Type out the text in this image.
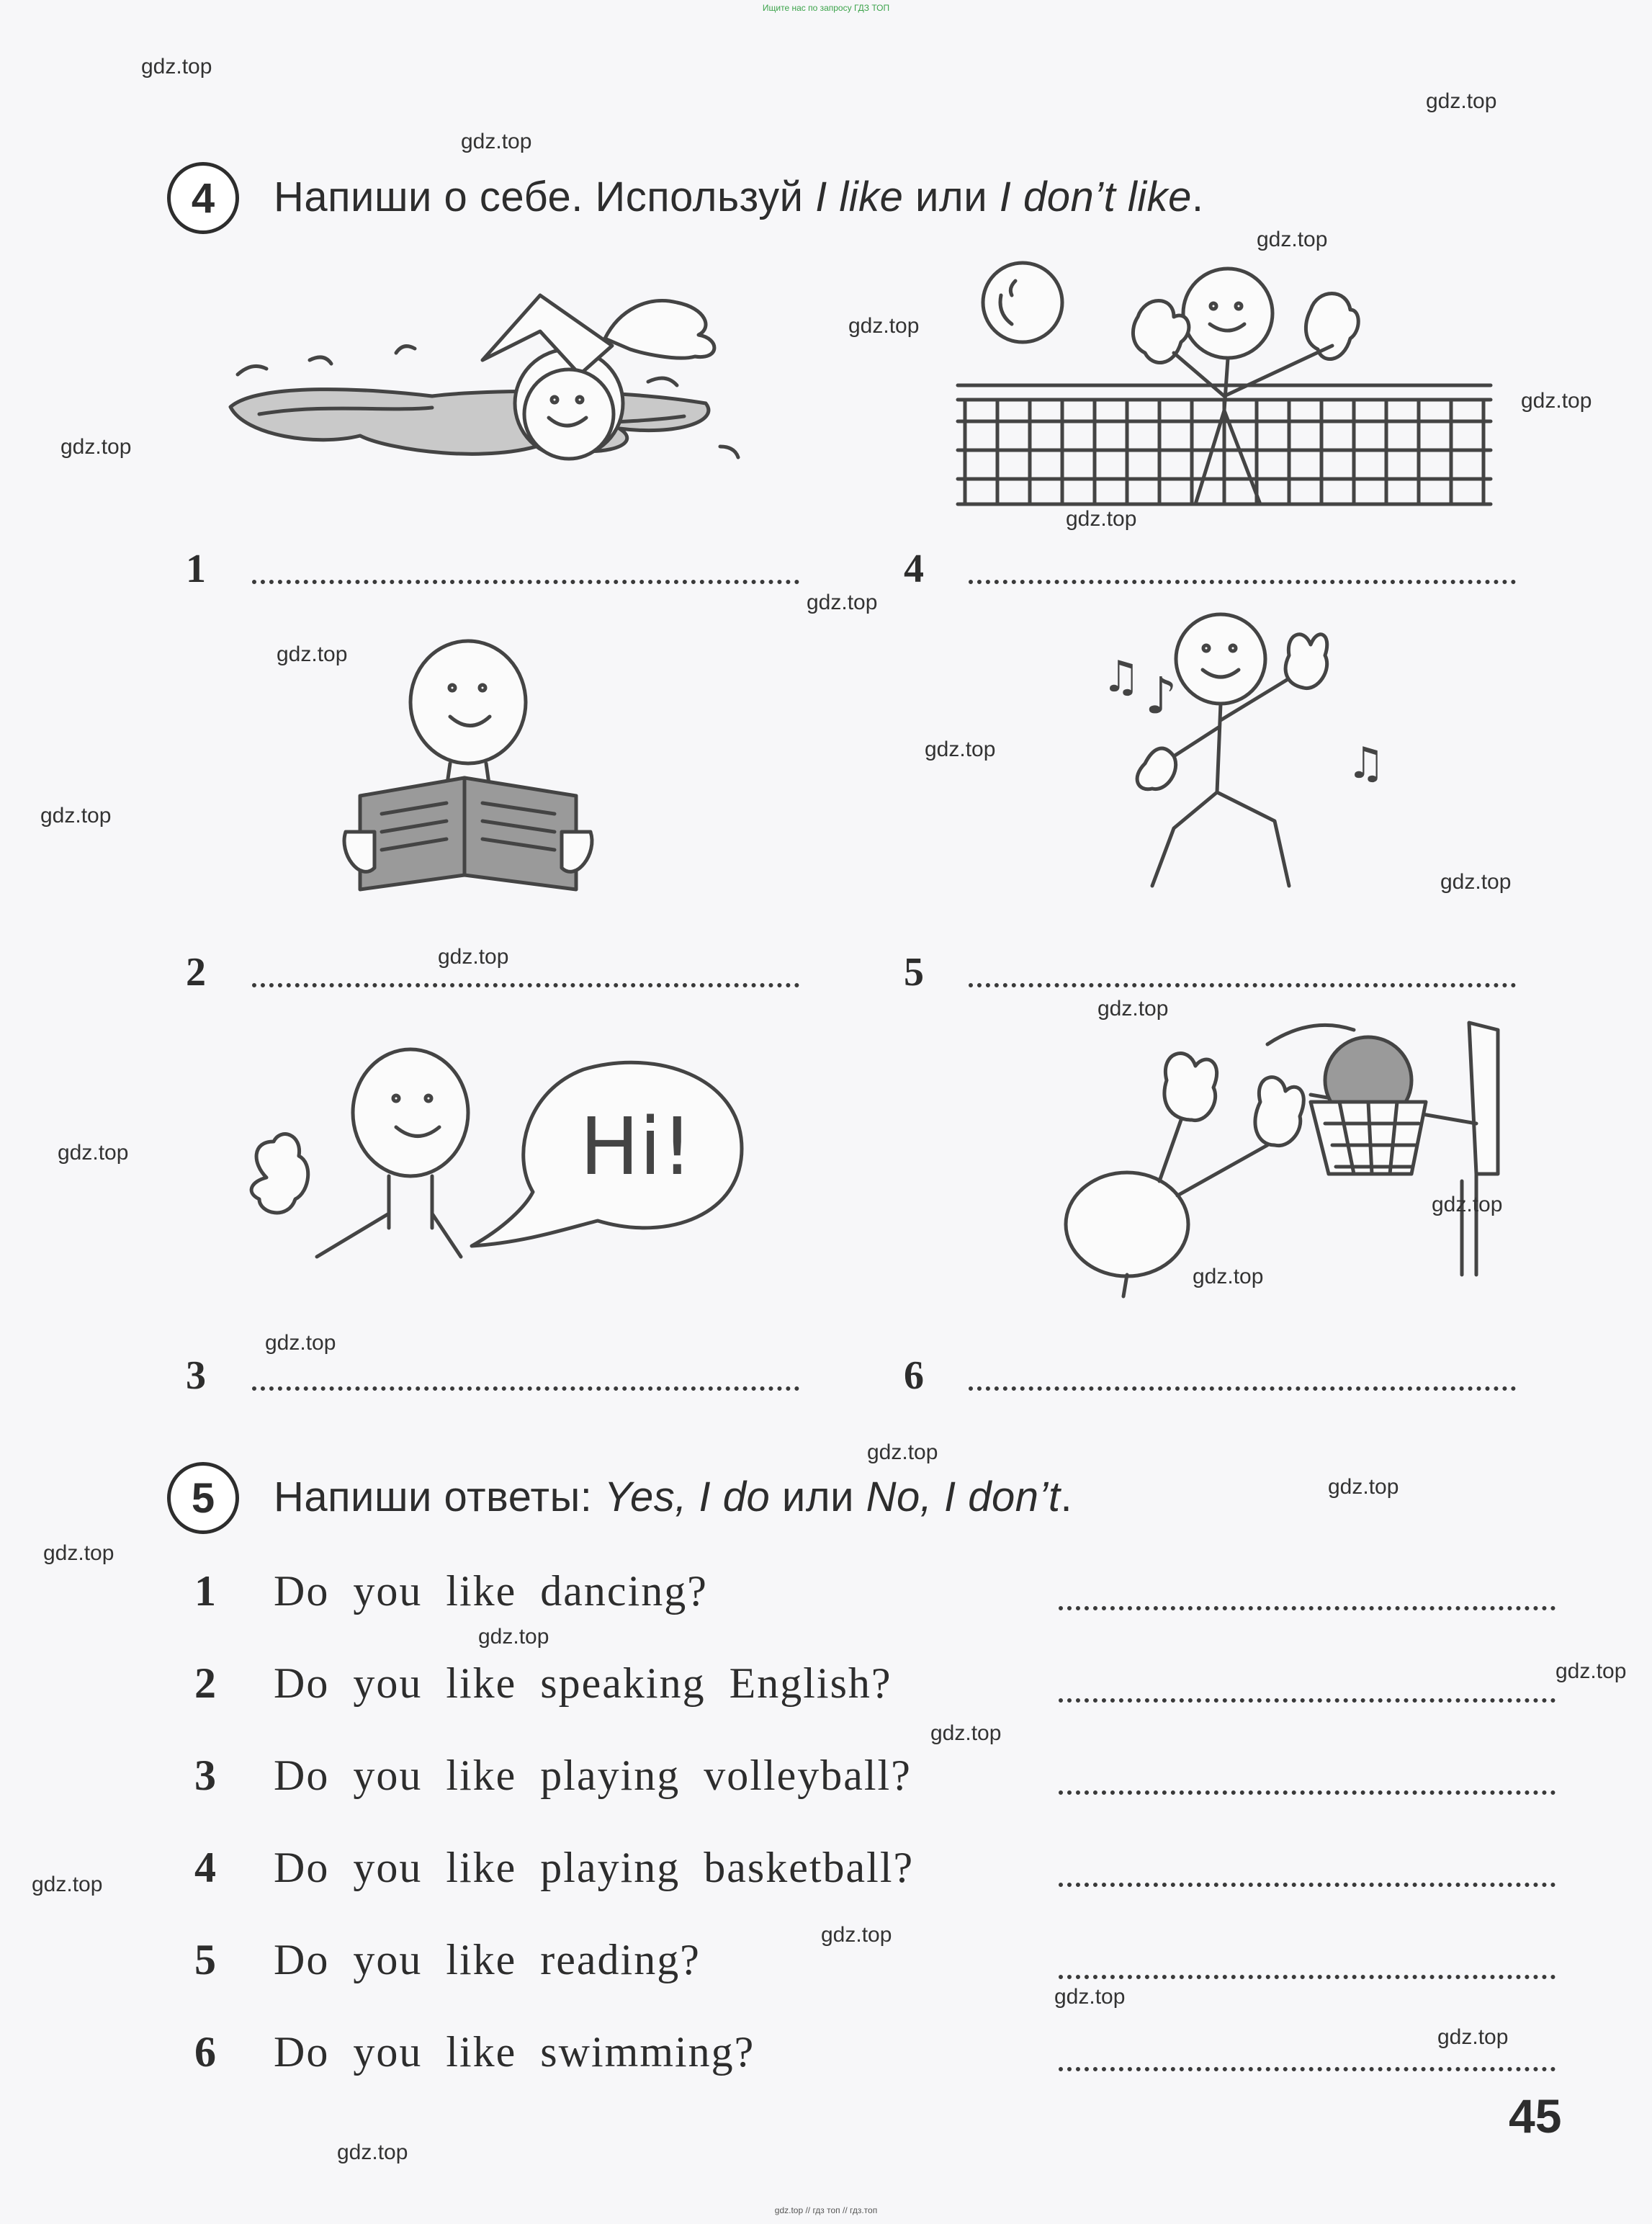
Ищите нас по запросу ГДЗ ТОП
gdz.top // гдз топ // гдз.топ
4	Напиши о себе. Используй I like или I don’t like.
1	4
♪
♫
♫
2	5
Hi!
3	6
5	Напиши ответы: Yes, I do или No, I don’t.
1 Do you like dancing?
2 Do you like speaking English?
3 Do you like playing volleyball?
4 Do you like playing basketball?
5 Do you like reading?
6 Do you like swimming?
45
gdz.top
gdz.top
gdz.top
gdz.top
gdz.top
gdz.top
gdz.top
gdz.top
gdz.top
gdz.top
gdz.top
gdz.top
gdz.top
gdz.top
gdz.top
gdz.top
gdz.top
gdz.top
gdz.top
gdz.top
gdz.top
gdz.top
gdz.top
gdz.top
gdz.top
gdz.top
gdz.top
gdz.top
gdz.top
gdz.top
